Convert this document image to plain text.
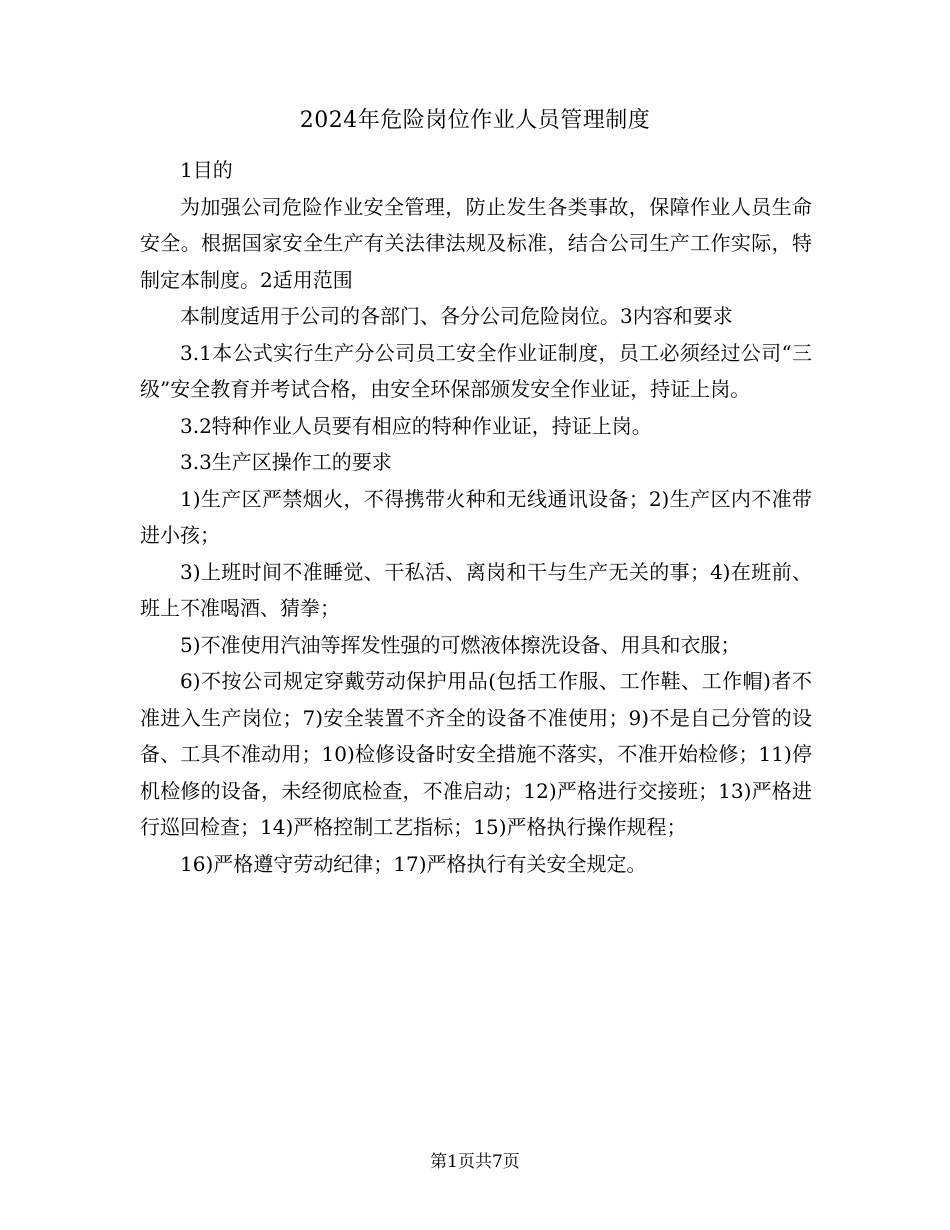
2024年危险岗位作业人员管理制度

1目的

为加强公司危险作业安全管理，防止发生各类事故，保障作业人员生命安全。根据国家安全生产有关法律法规及标准，结合公司生产工作实际，特制定本制度。2适用范围

本制度适用于公司的各部门、各分公司危险岗位。3内容和要求

3.1本公式实行生产分公司员工安全作业证制度，员工必须经过公司“三级”安全教育并考试合格，由安全环保部颁发安全作业证，持证上岗。

3.2特种作业人员要有相应的特种作业证，持证上岗。

3.3生产区操作工的要求

1)生产区严禁烟火，不得携带火种和无线通讯设备；2)生产区内不准带进小孩；

3)上班时间不准睡觉、干私活、离岗和干与生产无关的事；4)在班前、班上不准喝酒、猜拳；

5)不准使用汽油等挥发性强的可燃液体擦洗设备、用具和衣服；

6)不按公司规定穿戴劳动保护用品(包括工作服、工作鞋、工作帽)者不准进入生产岗位；7)安全装置不齐全的设备不准使用；9)不是自己分管的设备、工具不准动用；10)检修设备时安全措施不落实，不准开始检修；11)停机检修的设备，未经彻底检查，不准启动；12)严格进行交接班；13)严格进行巡回检查；14)严格控制工艺指标；15)严格执行操作规程；

16)严格遵守劳动纪律；17)严格执行有关安全规定。

第1页共7页
